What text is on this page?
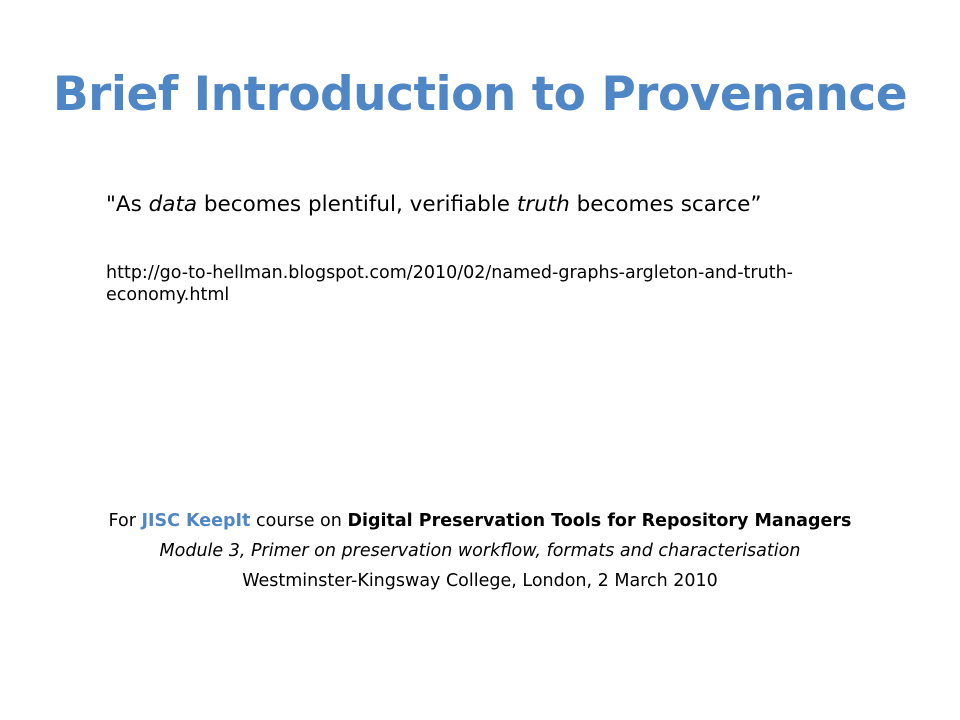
Brief Introduction to Provenance
"As data becomes plentiful, verifiable truth becomes scarce”
http://go-to-hellman.blogspot.com/2010/02/named-graphs-argleton-and-truth-economy.html
For JISC KeepIt course on Digital Preservation Tools for Repository Managers
Module 3, Primer on preservation workflow, formats and characterisation
Westminster-Kingsway College, London, 2 March 2010
